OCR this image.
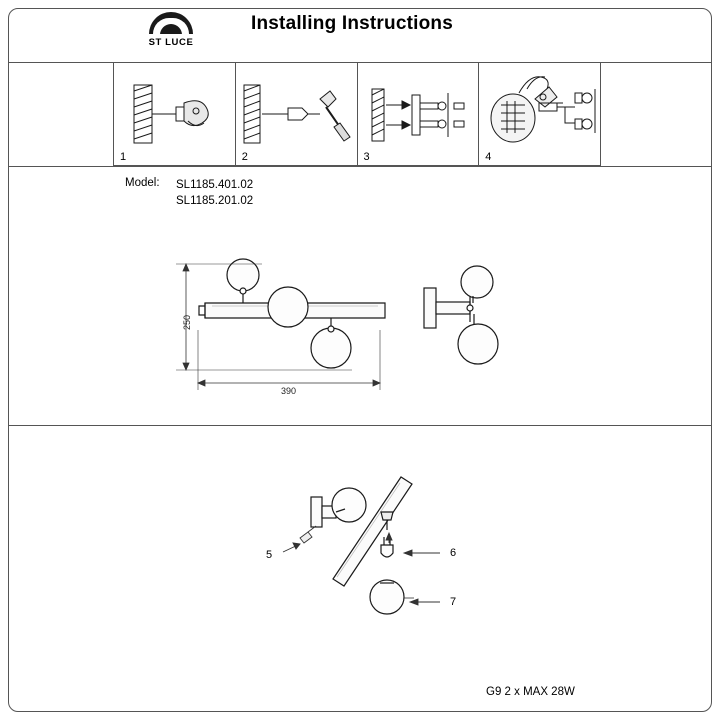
ST LUCE
Installing Instructions
1	2	3	4
Model: SL1185.401.02
SL1185.201.02
250
390
5	6
7
G9 2 x MAX 28W
